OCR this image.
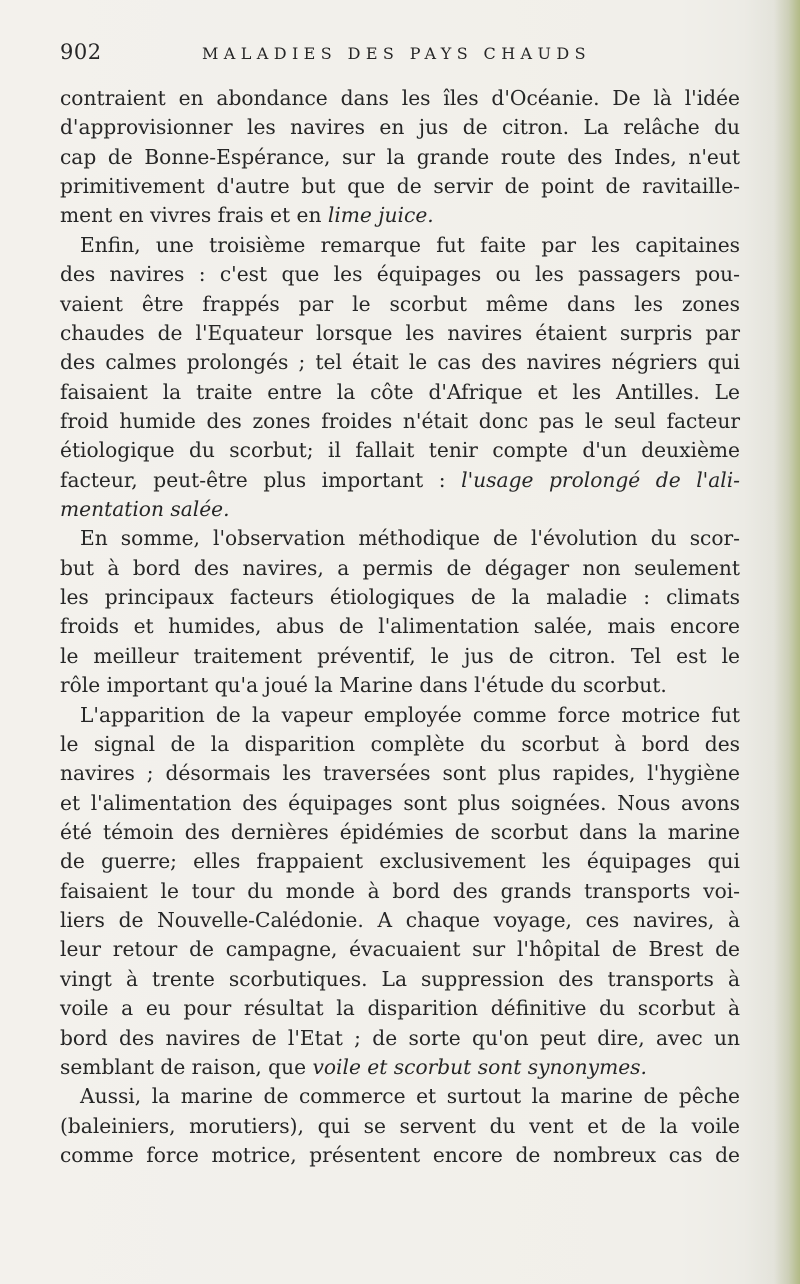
902	MALADIES DES PAYS CHAUDS
contraient en abondance dans les îles d'Océanie. De là l'idée
d'approvisionner les navires en jus de citron. La relâche du
cap de Bonne-Espérance, sur la grande route des Indes, n'eut
primitivement d'autre but que de servir de point de ravitaille-
ment en vivres frais et en lime juice.
Enfin, une troisième remarque fut faite par les capitaines
des navires : c'est que les équipages ou les passagers pou-
vaient être frappés par le scorbut même dans les zones
chaudes de l'Equateur lorsque les navires étaient surpris par
des calmes prolongés ; tel était le cas des navires négriers qui
faisaient la traite entre la côte d'Afrique et les Antilles. Le
froid humide des zones froides n'était donc pas le seul facteur
étiologique du scorbut; il fallait tenir compte d'un deuxième
facteur, peut-être plus important : l'usage prolongé de l'ali-
mentation salée.
En somme, l'observation méthodique de l'évolution du scor-
but à bord des navires, a permis de dégager non seulement
les principaux facteurs étiologiques de la maladie : climats
froids et humides, abus de l'alimentation salée, mais encore
le meilleur traitement préventif, le jus de citron. Tel est le
rôle important qu'a joué la Marine dans l'étude du scorbut.
L'apparition de la vapeur employée comme force motrice fut
le signal de la disparition complète du scorbut à bord des
navires ; désormais les traversées sont plus rapides, l'hygiène
et l'alimentation des équipages sont plus soignées. Nous avons
été témoin des dernières épidémies de scorbut dans la marine
de guerre; elles frappaient exclusivement les équipages qui
faisaient le tour du monde à bord des grands transports voi-
liers de Nouvelle-Calédonie. A chaque voyage, ces navires, à
leur retour de campagne, évacuaient sur l'hôpital de Brest de
vingt à trente scorbutiques. La suppression des transports à
voile a eu pour résultat la disparition définitive du scorbut à
bord des navires de l'Etat ; de sorte qu'on peut dire, avec un
semblant de raison, que voile et scorbut sont synonymes.
Aussi, la marine de commerce et surtout la marine de pêche
(baleiniers, morutiers), qui se servent du vent et de la voile
comme force motrice, présentent encore de nombreux cas de
